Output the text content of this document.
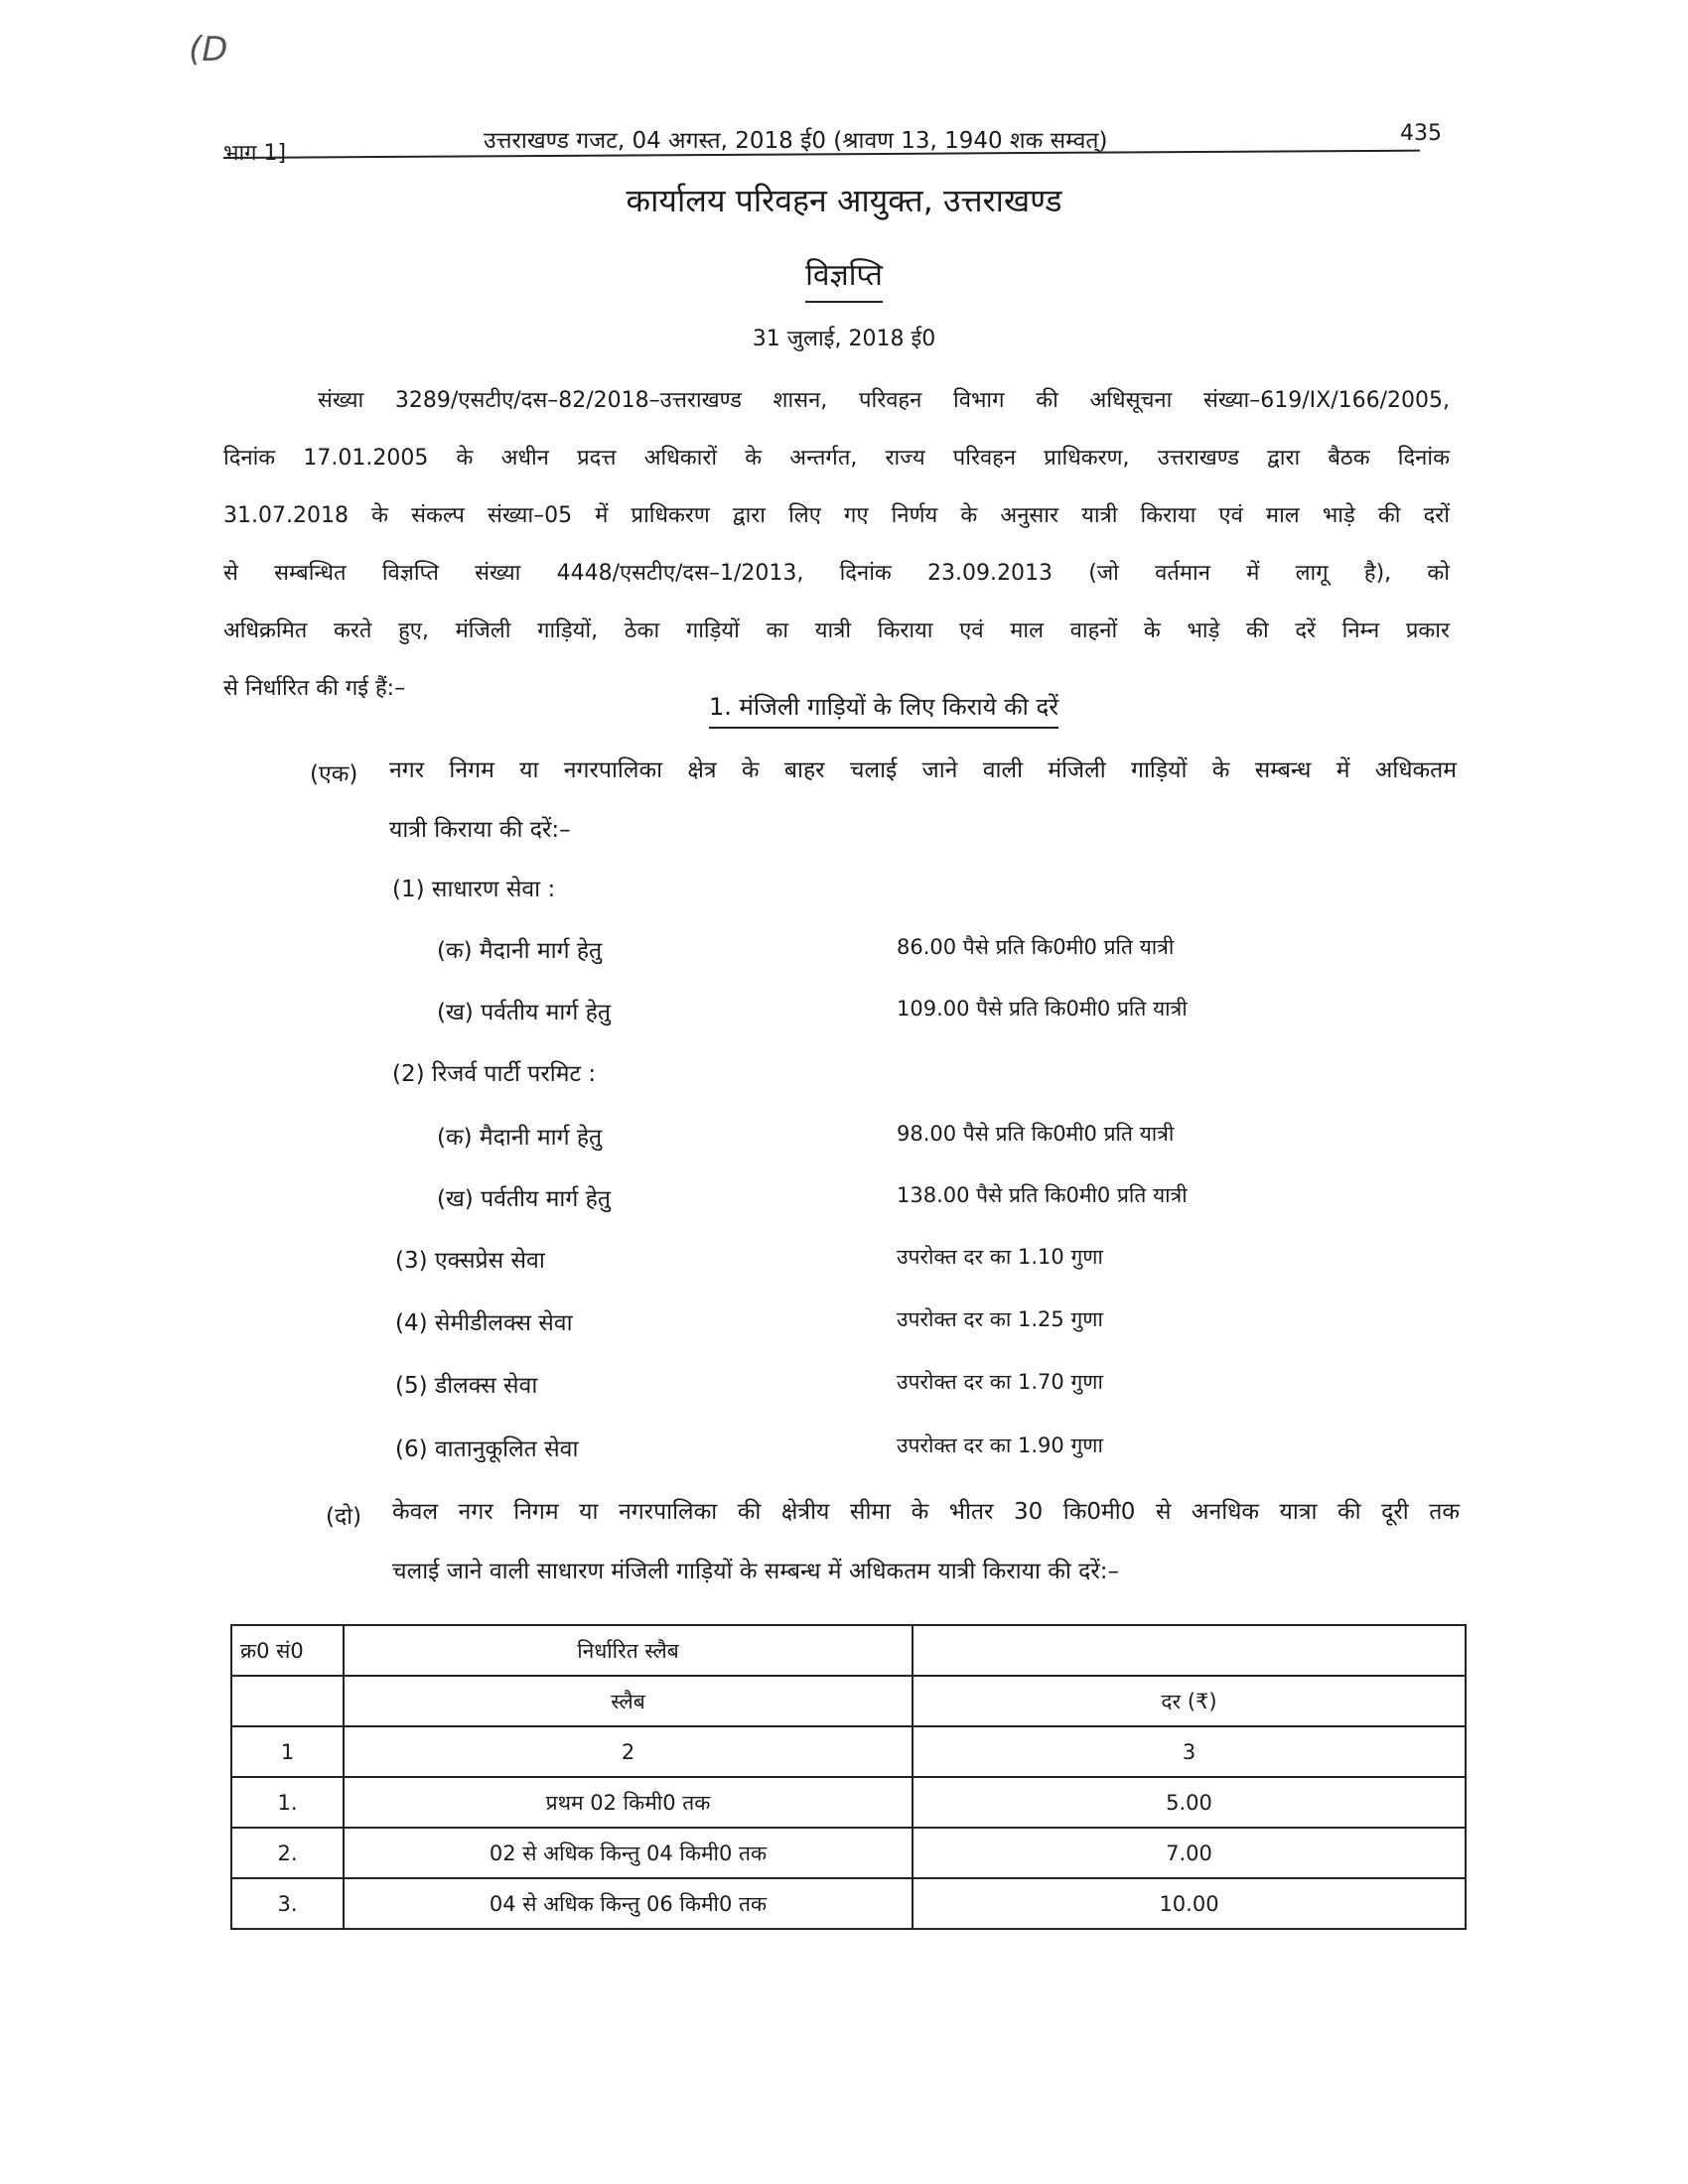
(D
भाग 1]	उत्तराखण्ड गजट, 04 अगस्त, 2018 ई0 (श्रावण 13, 1940 शक सम्वत्)	435
कार्यालय परिवहन आयुक्त, उत्तराखण्ड
विज्ञप्ति
31 जुलाई, 2018 ई0
संख्या 3289/एसटीए/दस–82/2018–उत्तराखण्ड शासन, परिवहन विभाग की अधिसूचना संख्या–619/IX/166/2005,
दिनांक 17.01.2005 के अधीन प्रदत्त अधिकारों के अन्तर्गत, राज्य परिवहन प्राधिकरण, उत्तराखण्ड द्वारा बैठक दिनांक
31.07.2018 के संकल्प संख्या–05 में प्राधिकरण द्वारा लिए गए निर्णय के अनुसार यात्री किराया एवं माल भाड़े की दरों
से सम्बन्धित विज्ञप्ति संख्या 4448/एसटीए/दस–1/2013, दिनांक 23.09.2013 (जो वर्तमान में लागू है), को
अधिक्रमित करते हुए, मंजिली गाड़ियों, ठेका गाड़ियों का यात्री किराया एवं माल वाहनों के भाड़े की दरें निम्न प्रकार
से निर्धारित की गई हैं:–
1. मंजिली गाड़ियों के लिए किराये की दरें
(एक) नगर निगम या नगरपालिका क्षेत्र के बाहर चलाई जाने वाली मंजिली गाड़ियों के सम्बन्ध में अधिकतम
यात्री किराया की दरें:–
(1) साधारण सेवा :
(क) मैदानी मार्ग हेतु	86.00 पैसे प्रति कि0मी0 प्रति यात्री
(ख) पर्वतीय मार्ग हेतु	109.00 पैसे प्रति कि0मी0 प्रति यात्री
(2) रिजर्व पार्टी परमिट :
(क) मैदानी मार्ग हेतु	98.00 पैसे प्रति कि0मी0 प्रति यात्री
(ख) पर्वतीय मार्ग हेतु	138.00 पैसे प्रति कि0मी0 प्रति यात्री
(3) एक्सप्रेस सेवा	उपरोक्त दर का 1.10 गुणा
(4) सेमीडीलक्स सेवा	उपरोक्त दर का 1.25 गुणा
(5) डीलक्स सेवा	उपरोक्त दर का 1.70 गुणा
(6) वातानुकूलित सेवा	उपरोक्त दर का 1.90 गुणा
(दो) केवल नगर निगम या नगरपालिका की क्षेत्रीय सीमा के भीतर 30 कि0मी0 से अनधिक यात्रा की दूरी तक
चलाई जाने वाली साधारण मंजिली गाड़ियों के सम्बन्ध में अधिकतम यात्री किराया की दरें:–
क्र0 सं0	निर्धारित स्लैब	
	स्लैब	दर (₹)
1	2	3
1.	प्रथम 02 किमी0 तक	5.00
2.	02 से अधिक किन्तु 04 किमी0 तक	7.00
3.	04 से अधिक किन्तु 06 किमी0 तक	10.00
